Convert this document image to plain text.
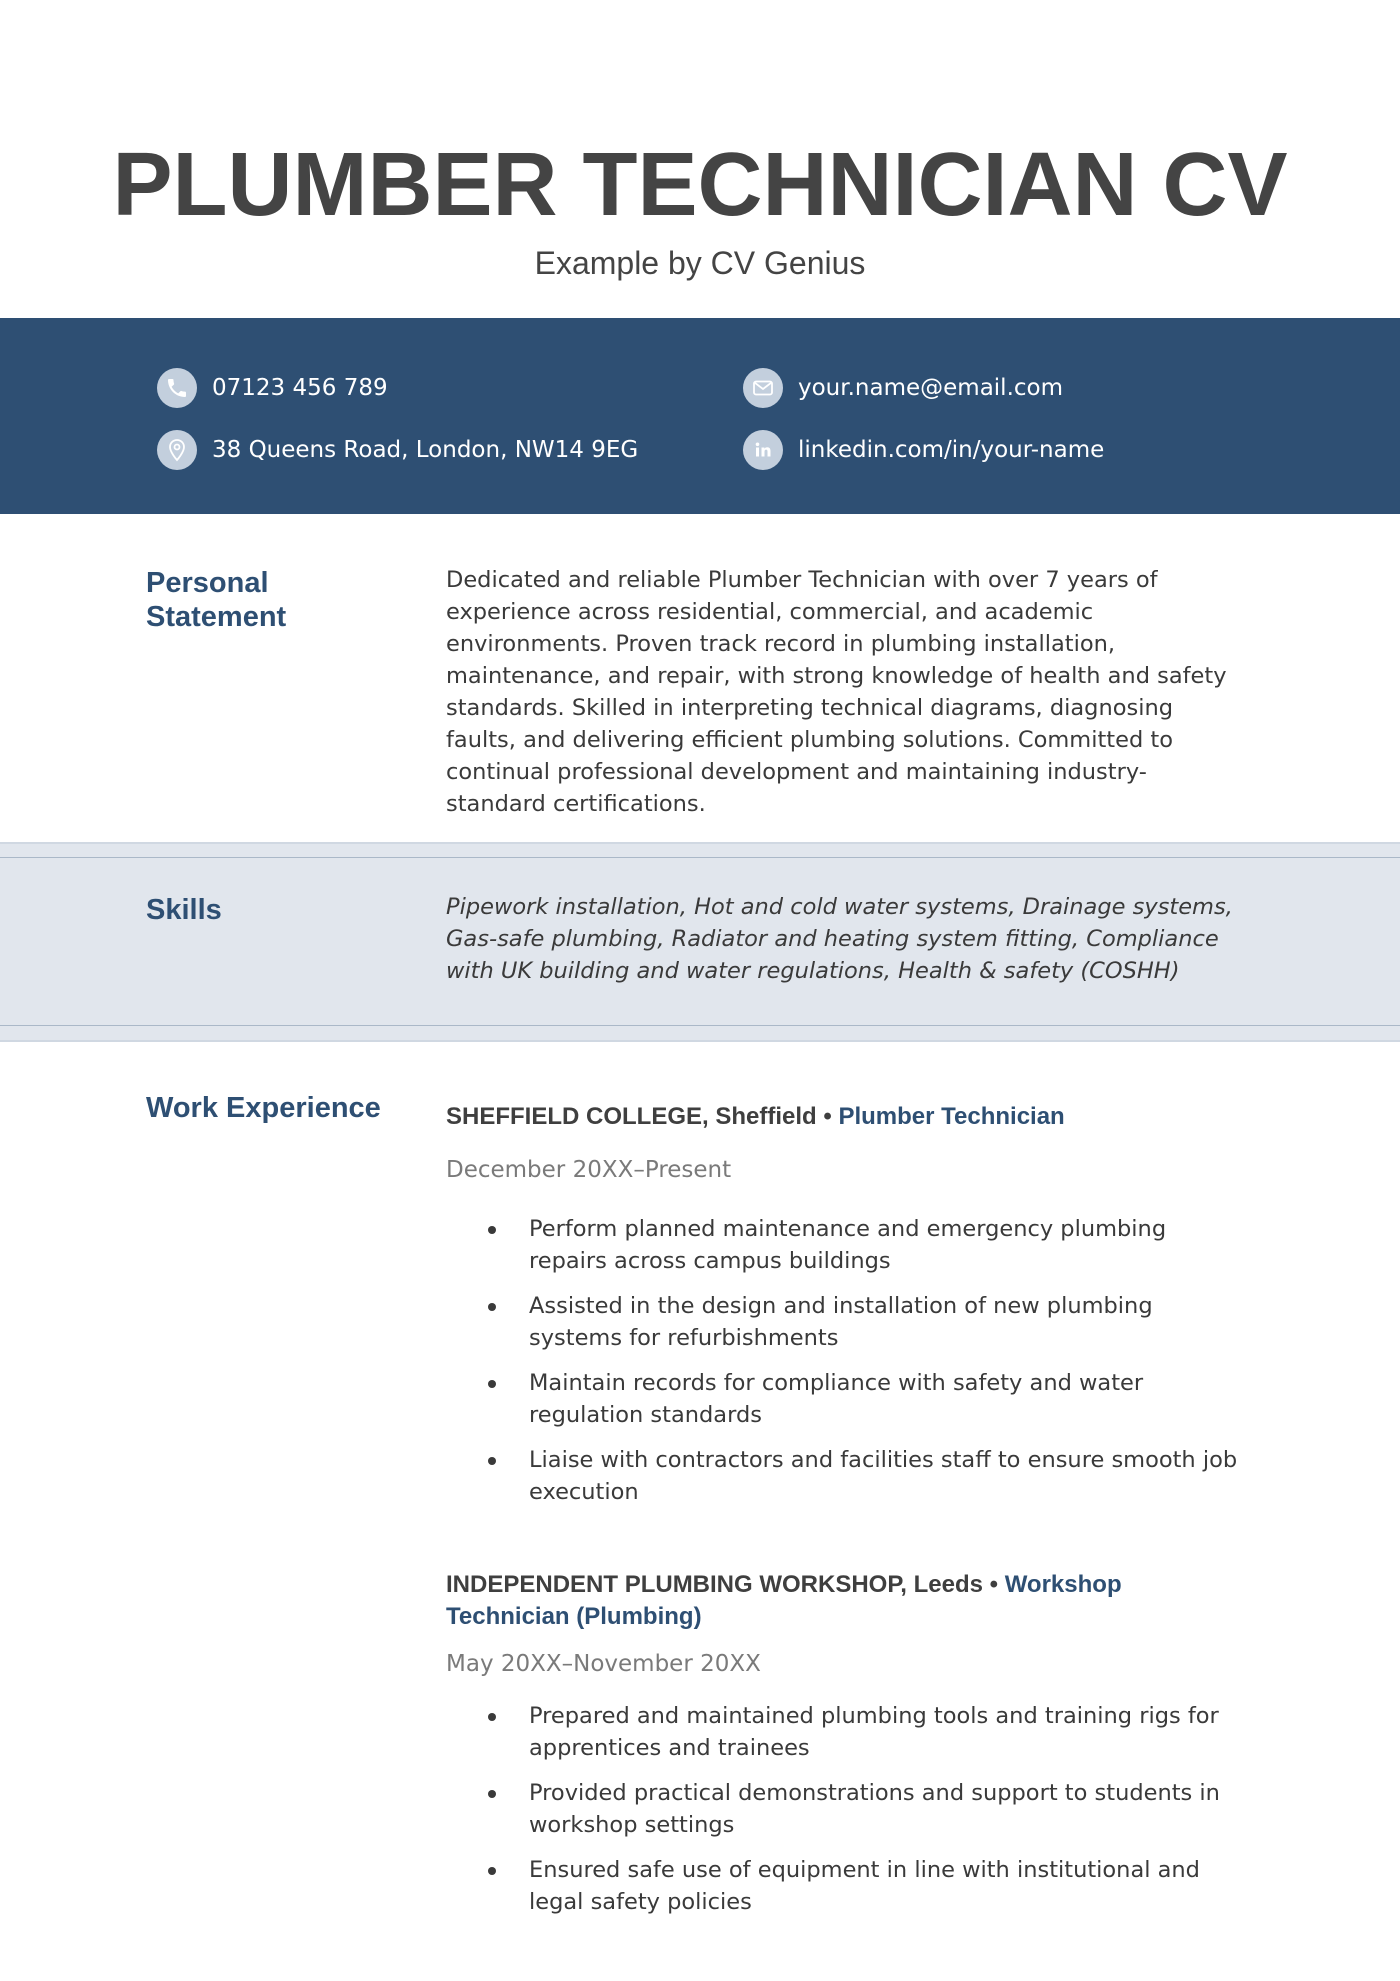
PLUMBER TECHNICIAN CV
Example by CV Genius
07123 456 789
38 Queens Road, London, NW14 9EG
your.name@email.com
linkedin.com/in/your-name
Personal Statement
Dedicated and reliable Plumber Technician with over 7 years of experience across residential, commercial, and academic environments. Proven track record in plumbing installation, maintenance, and repair, with strong knowledge of health and safety standards. Skilled in interpreting technical diagrams, diagnosing faults, and delivering efficient plumbing solutions. Committed to continual professional development and maintaining industry-standard certifications.
Skills	Pipework installation, Hot and cold water systems, Drainage systems, Gas-safe plumbing, Radiator and heating system fitting, Compliance with UK building and water regulations, Health & safety (COSHH)
Work Experience	SHEFFIELD COLLEGE, Sheffield • Plumber Technician
December 20XX–Present
Perform planned maintenance and emergency plumbing repairs across campus buildings
Assisted in the design and installation of new plumbing systems for refurbishments
Maintain records for compliance with safety and water regulation standards
Liaise with contractors and facilities staff to ensure smooth job execution
INDEPENDENT PLUMBING WORKSHOP, Leeds • Workshop Technician (Plumbing)
May 20XX–November 20XX
Prepared and maintained plumbing tools and training rigs for apprentices and trainees
Provided practical demonstrations and support to students in workshop settings
Ensured safe use of equipment in line with institutional and legal safety policies
